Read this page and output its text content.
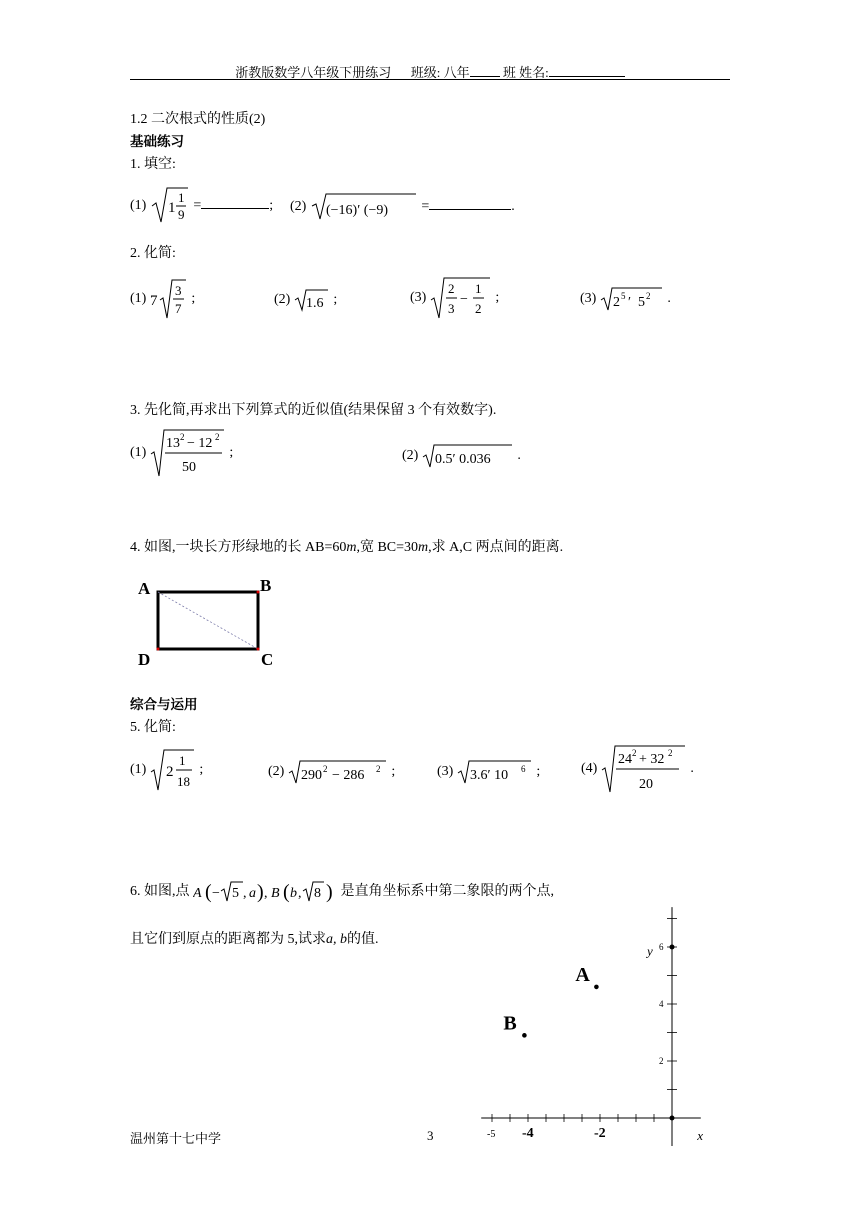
浙教版数学八年级下册练习 班级: 八年	班 姓名:
1.2 二次根式的性质(2)
基础练习
1. 填空:
(1) 1
1
9
=	; (2) (−16)′ (−9) =	.
2. 化简:
(1) 7
3
7
;	(2) 1.6 ;	(3)
2
3
−
1
2
;	(3) 2 5 ′ 5 2 .
3. 先化简,再求出下列算式的近似值(结果保留 3 个有效数字).
(1)
13 2 − 12 2
50
;	(2) 0.5′ 0.036 .
4. 如图,一块长方形绿地的长 AB=60m,宽 BC=30m,求 A,C 两点间的距离.
A	B
C
D
综合与运用
5. 化简:
(1) 2
1
18
;	(2) 290 2 − 286 2 ;	(3) 3.6′ 10 6 ;	(4)
24 2 + 32 2
20
.
6. 如图,点 A ( − 5 , a ) , B ( b , 8 ) 是直角坐标系中第二象限的两个点,
且它们到原点的距离都为 5,试求a, b的值.
-5 -4	-2
2
4
6
x
y
A
B
温州第十七中学	3
